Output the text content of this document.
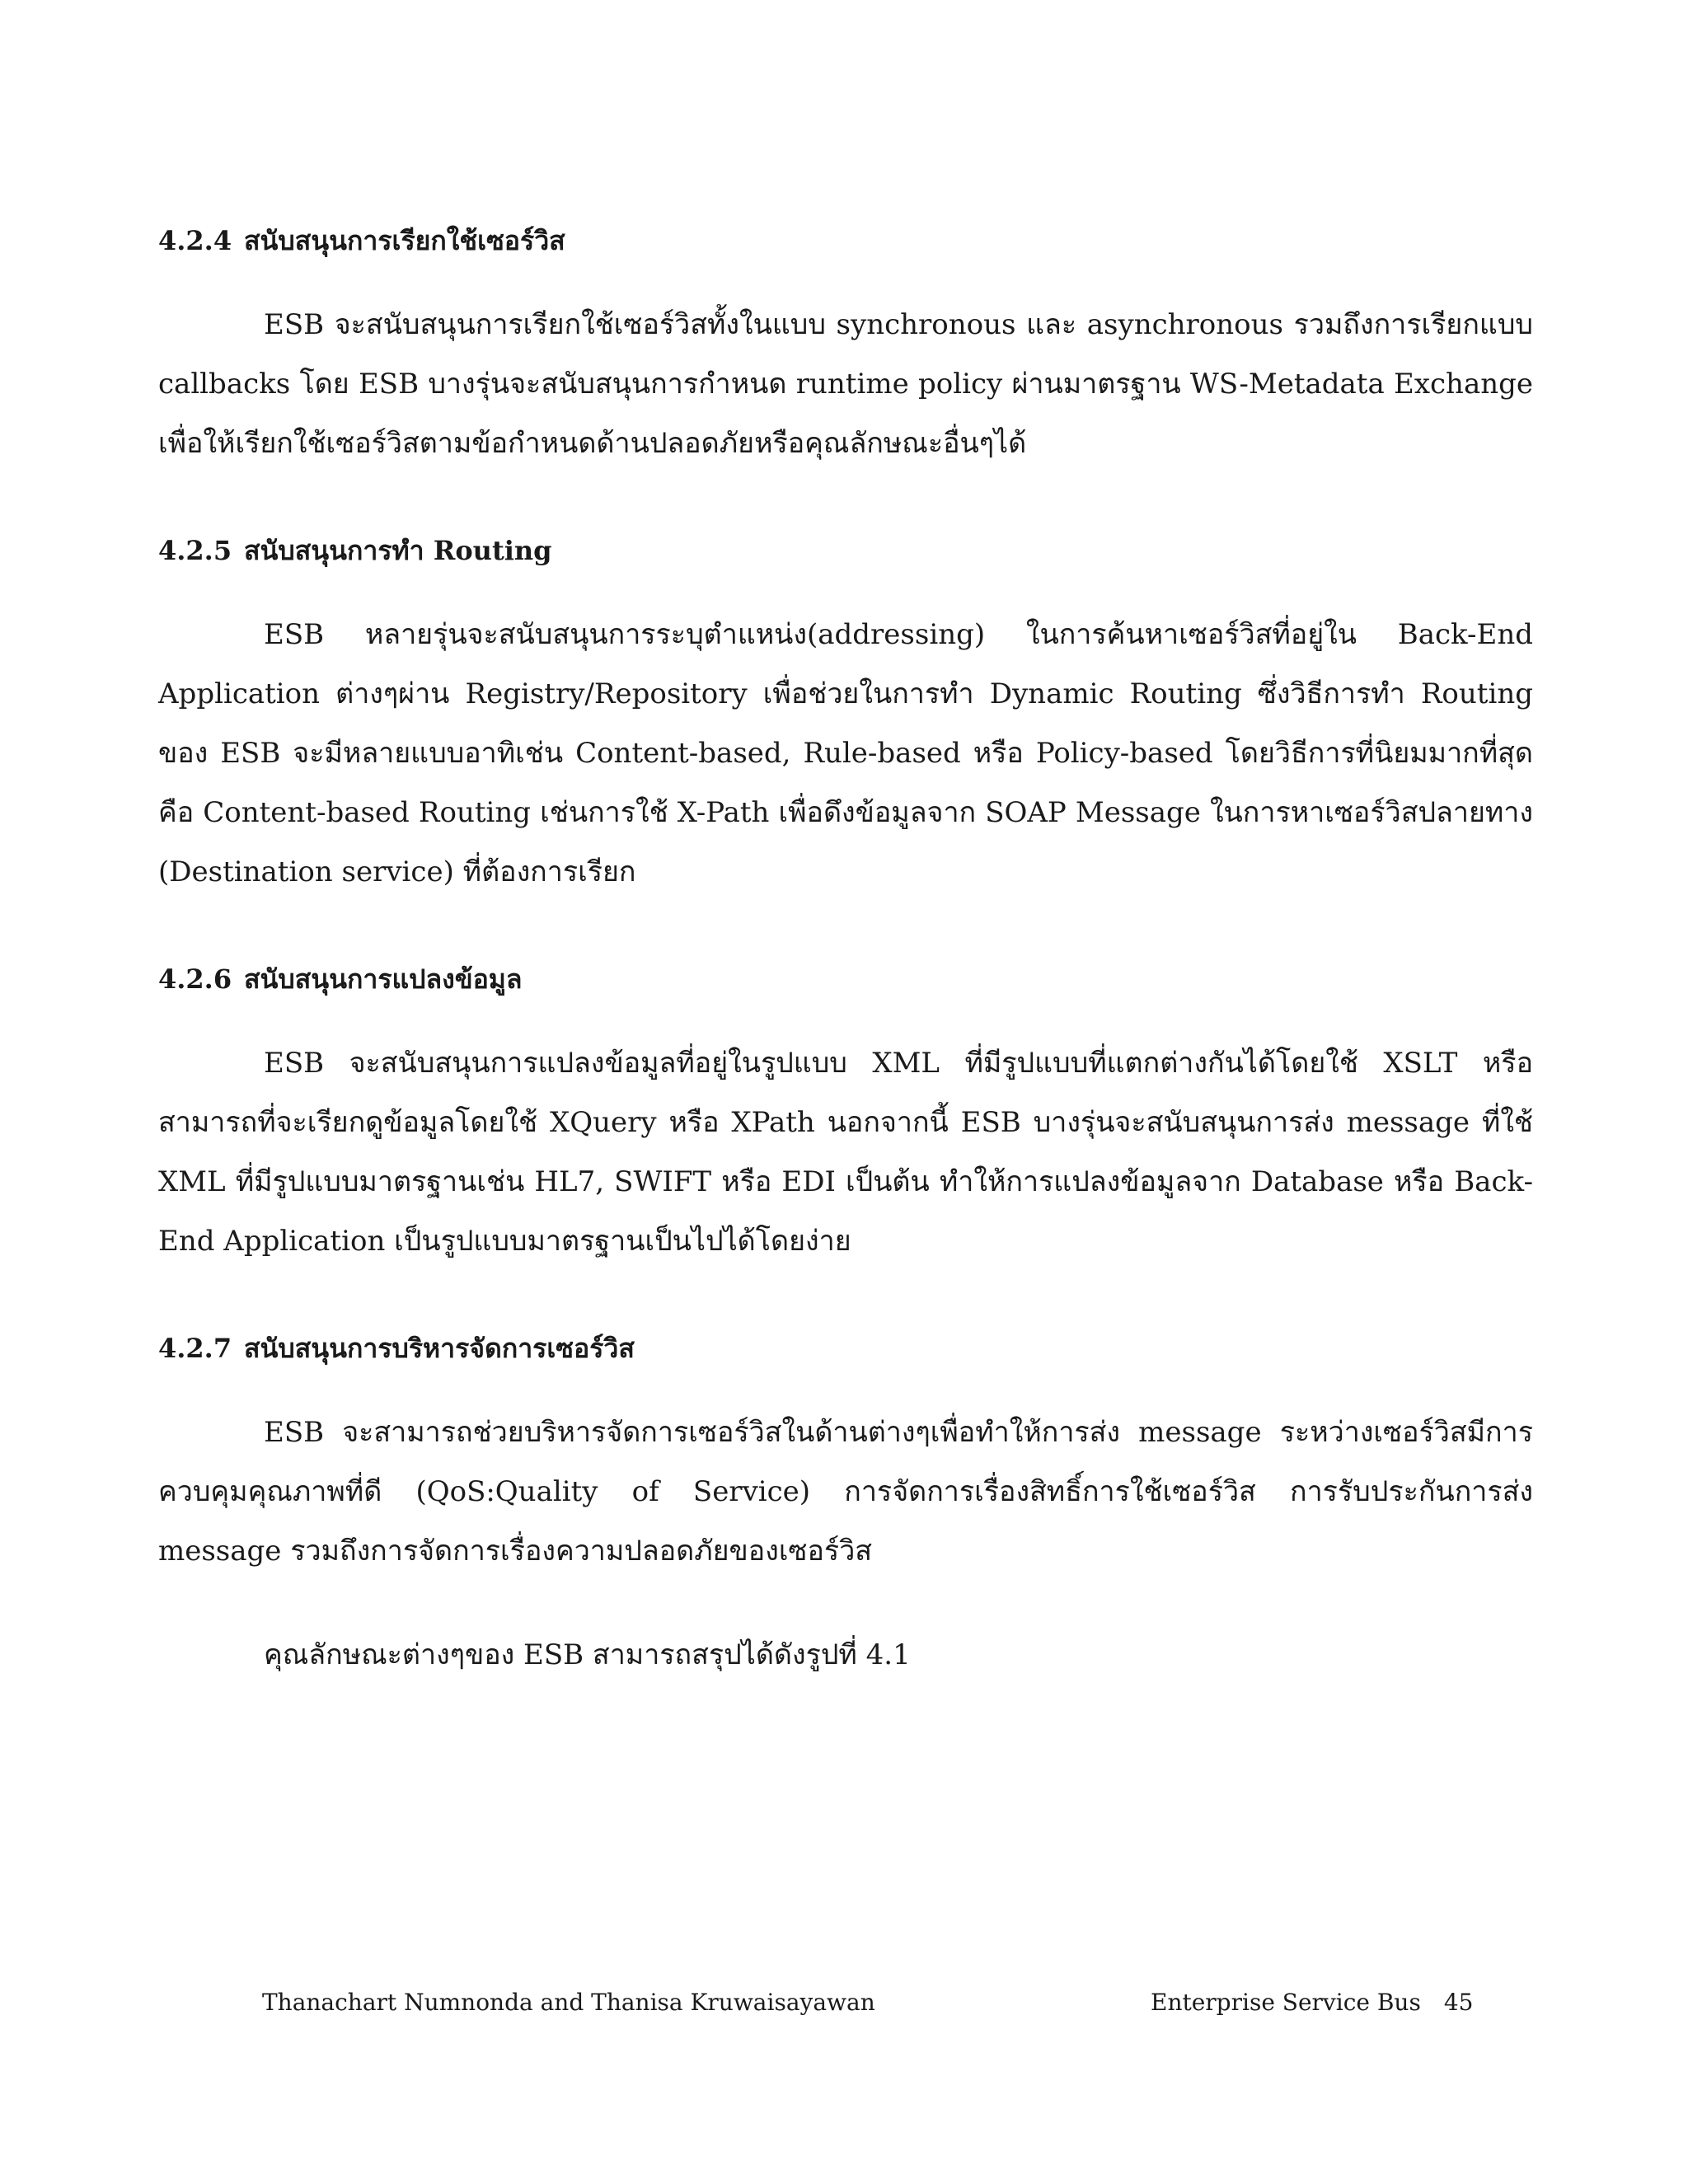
4.2.4 สนับสนุนการเรียกใช้เซอร์วิส

ESB จะสนับสนุนการเรียกใช้เซอร์วิสทั้งในแบบ synchronous และ asynchronous รวมถึงการเรียกแบบ callbacks โดย ESB บางรุ่นจะสนับสนุนการกำหนด runtime policy ผ่านมาตรฐาน WS-Metadata Exchange เพื่อให้เรียกใช้เซอร์วิสตามข้อกำหนดด้านปลอดภัยหรือคุณลักษณะอื่นๆได้

4.2.5 สนับสนุนการทำ Routing

ESB หลายรุ่นจะสนับสนุนการระบุตำแหน่ง(addressing) ในการค้นหาเซอร์วิสที่อยู่ใน Back-End Application ต่างๆผ่าน Registry/Repository เพื่อช่วยในการทำ Dynamic Routing ซึ่งวิธีการทำ Routing ของ ESB จะมีหลายแบบอาทิเช่น Content-based, Rule-based หรือ Policy-based โดยวิธีการที่นิยมมากที่สุดคือ Content-based Routing เช่นการใช้ X-Path เพื่อดึงข้อมูลจาก SOAP Message ในการหาเซอร์วิสปลายทาง (Destination service) ที่ต้องการเรียก

4.2.6 สนับสนุนการแปลงข้อมูล

ESB จะสนับสนุนการแปลงข้อมูลที่อยู่ในรูปแบบ XML ที่มีรูปแบบที่แตกต่างกันได้โดยใช้ XSLT หรือ สามารถที่จะเรียกดูข้อมูลโดยใช้ XQuery หรือ XPath นอกจากนี้ ESB บางรุ่นจะสนับสนุนการส่ง message ที่ใช้ XML ที่มีรูปแบบมาตรฐานเช่น HL7, SWIFT หรือ EDI เป็นต้น ทำให้การแปลงข้อมูลจาก Database หรือ Back-End Application เป็นรูปแบบมาตรฐานเป็นไปได้โดยง่าย

4.2.7 สนับสนุนการบริหารจัดการเซอร์วิส

ESB จะสามารถช่วยบริหารจัดการเซอร์วิสในด้านต่างๆเพื่อทำให้การส่ง message ระหว่างเซอร์วิสมีการควบคุมคุณภาพที่ดี (QoS:Quality of Service) การจัดการเรื่องสิทธิ์การใช้เซอร์วิส การรับประกันการส่ง message รวมถึงการจัดการเรื่องความปลอดภัยของเซอร์วิส

คุณลักษณะต่างๆของ ESB สามารถสรุปได้ดังรูปที่ 4.1

Thanachart Numnonda and Thanisa Kruwaisayawan	Enterprise Service Bus 45
